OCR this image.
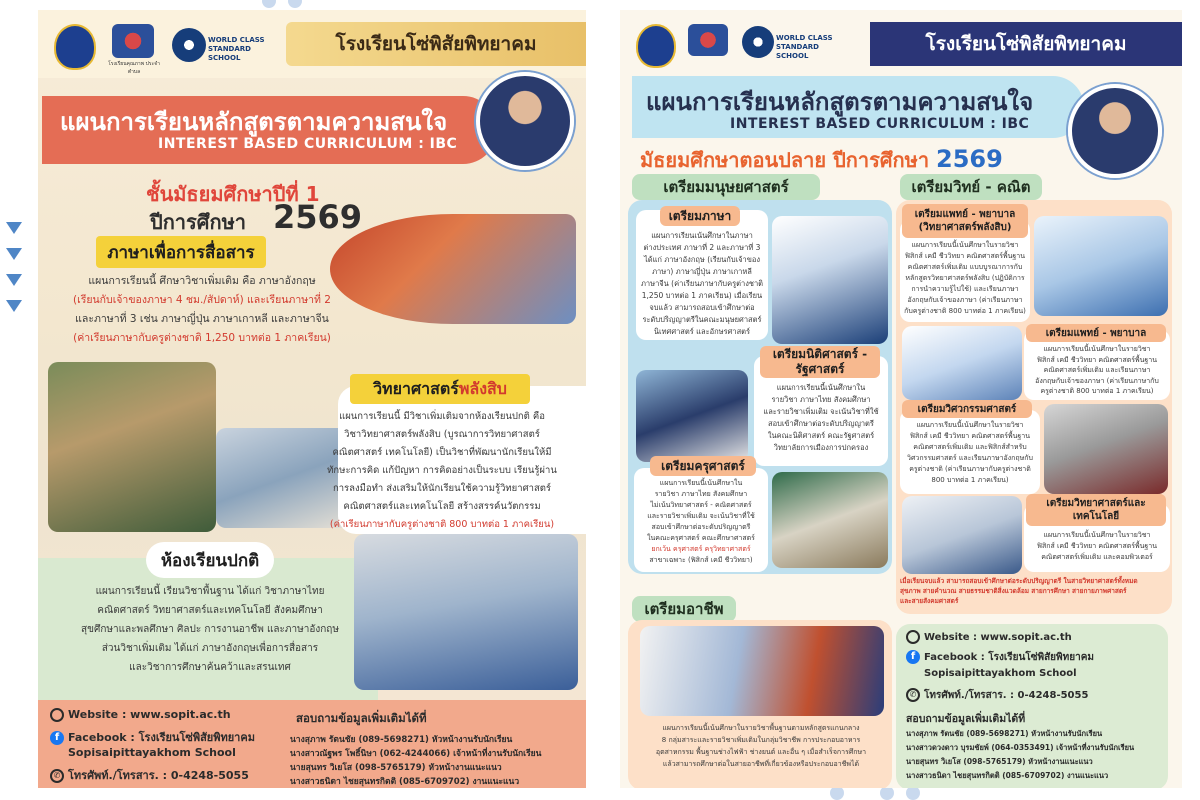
โรงเรียนคุณภาพ ประจำตำบล
WORLD CLASS STANDARD SCHOOL
โรงเรียนโซ่พิสัยพิทยาคม
แผนการเรียนหลักสูตรตามความสนใจ
INTEREST BASED CURRICULUM : IBC
ชั้นมัธยมศึกษาปีที่ 1
ปีการศึกษา 2569
ภาษาเพื่อการสื่อสาร
แผนการเรียนนี้ ศึกษาวิชาเพิ่มเติม คือ ภาษาอังกฤษ
(เรียนกับเจ้าของภาษา 4 ชม./สัปดาห์) และเรียนภาษาที่ 2
และภาษาที่ 3 เช่น ภาษาญี่ปุ่น ภาษาเกาหลี และภาษาจีน
(ค่าเรียนภาษากับครูต่างชาติ 1,250 บาทต่อ 1 ภาคเรียน)
วิทยาศาสตร์ พลังสิบ
แผนการเรียนนี้ มีวิชาเพิ่มเติมจากห้องเรียนปกติ คือ
วิชาวิทยาศาสตร์พลังสิบ (บูรณาการวิทยาศาสตร์
คณิตศาสตร์ เทคโนโลยี) เป็นวิชาที่พัฒนานักเรียนให้มี
ทักษะการคิด แก้ปัญหา การคิดอย่างเป็นระบบ เรียนรู้ผ่าน
การลงมือทำ ส่งเสริมให้นักเรียนใช้ความรู้วิทยาศาสตร์
คณิตศาสตร์และเทคโนโลยี สร้างสรรค์นวัตกรรม
(ค่าเรียนภาษากับครูต่างชาติ 800 บาทต่อ 1 ภาคเรียน)
ห้องเรียนปกติ
แผนการเรียนนี้ เรียนวิชาพื้นฐาน ได้แก่ วิชาภาษาไทย
คณิตศาสตร์ วิทยาศาสตร์และเทคโนโลยี สังคมศึกษา
สุขศึกษาและพลศึกษา ศิลปะ การงานอาชีพ และภาษาอังกฤษ
ส่วนวิชาเพิ่มเติม ได้แก่ ภาษาอังกฤษเพื่อการสื่อสาร
และวิชาการศึกษาค้นคว้าและสรนเทศ
Website : www.sopit.ac.th
f Facebook : โรงเรียนโซ่พิสัยพิทยาคม
Sopisaipittayakhom School
✆ โทรศัพท์./โทรสาร. : 0-4248-5055
สอบถามข้อมูลเพิ่มเติมได้ที่
นางสุภาพ รัตนชัย (089-5698271) หัวหน้างานรับนักเรียน
นางสาวณัฐพร โพธิ์นิษา (062-4244066) เจ้าหน้าที่งานรับนักเรียน
นายสุนทร วิเยโส (098-5765179) หัวหน้างานแนะแนว
นางสาวธนิดา ไชยสุนทรกิตติ (085-6709702) งานแนะแนว
WORLD CLASS STANDARD SCHOOL
โรงเรียนโซ่พิสัยพิทยาคม
แผนการเรียนหลักสูตรตามความสนใจ
INTEREST BASED CURRICULUM : IBC
มัธยมศึกษาตอนปลาย ปีการศึกษา 2569
เตรียมมนุษยศาสตร์
เตรียมภาษา
แผนการเรียนเน้นศึกษาในภาษา
ต่างประเทศ ภาษาที่ 2 และภาษาที่ 3
ได้แก่ ภาษาอังกฤษ (เรียนกับเจ้าของ
ภาษา) ภาษาญี่ปุ่น ภาษาเกาหลี
ภาษาจีน (ค่าเรียนภาษากับครูต่างชาติ
1,250 บาทต่อ 1 ภาคเรียน) เมื่อเรียน
จบแล้ว สามารถสอบเข้าศึกษาต่อ
ระดับปริญญาตรีในคณะมนุษยศาสตร์
นิเทศศาสตร์ และอักษรศาสตร์
เตรียมนิติศาสตร์ - รัฐศาสตร์
แผนการเรียนนี้เน้นศึกษาใน
รายวิชา ภาษาไทย สังคมศึกษา
และรายวิชาเพิ่มเติม จะเน้นวิชาที่ใช้
สอบเข้าศึกษาต่อระดับปริญญาตรี
ในคณะนิติศาสตร์ คณะรัฐศาสตร์
วิทยาลัยการเมืองการปกครอง
เตรียมครุศาสตร์
แผนการเรียนนี้เน้นศึกษาใน
รายวิชา ภาษาไทย สังคมศึกษา
ไม่เน้นวิทยาศาสตร์ - คณิตศาสตร์
และรายวิชาเพิ่มเติม จะเน้นวิชาที่ใช้
สอบเข้าศึกษาต่อระดับปริญญาตรี
ในคณะครุศาสตร์ คณะศึกษาศาสตร์
ยกเว้น ครุศาสตร์ ครุวิทยาศาสตร์
สาขาเฉพาะ (ฟิสิกส์ เคมี ชีววิทยา)
เตรียมวิทย์ - คณิต
เตรียมแพทย์ - พยาบาล (วิทยาศาสตร์พลังสิบ)
แผนการเรียนนี้เน้นศึกษาในรายวิชา
ฟิสิกส์ เคมี ชีววิทยา คณิตศาสตร์พื้นฐาน
คณิตศาสตร์เพิ่มเติม แบบบูรณาการกับ
หลักสูตรวิทยาศาสตร์พลังสิบ (ปฏิบัติการ
การนำความรู้ไปใช้) และเรียนภาษา
อังกฤษกับเจ้าของภาษา (ค่าเรียนภาษา
กับครูต่างชาติ 800 บาทต่อ 1 ภาคเรียน)
เตรียมแพทย์ - พยาบาล
แผนการเรียนนี้เน้นศึกษาในรายวิชา
ฟิสิกส์ เคมี ชีววิทยา คณิตศาสตร์พื้นฐาน
คณิตศาสตร์เพิ่มเติม และเรียนภาษา
อังกฤษกับเจ้าของภาษา (ค่าเรียนภาษากับ
ครูต่างชาติ 800 บาทต่อ 1 ภาคเรียน)
เตรียมวิศวกรรมศาสตร์
แผนการเรียนนี้เน้นศึกษาในรายวิชา
ฟิสิกส์ เคมี ชีววิทยา คณิตศาสตร์พื้นฐาน
คณิตศาสตร์เพิ่มเติม และฟิสิกส์สำหรับ
วิศวกรรมศาสตร์ และเรียนภาษาอังกฤษกับ
ครูต่างชาติ (ค่าเรียนภาษากับครูต่างชาติ
800 บาทต่อ 1 ภาคเรียน)
เตรียมวิทยาศาสตร์และเทคโนโลยี
แผนการเรียนนี้เน้นศึกษาในรายวิชา
ฟิสิกส์ เคมี ชีววิทยา คณิตศาสตร์พื้นฐาน
คณิตศาสตร์เพิ่มเติม และคอมพิวเตอร์
เมื่อเรียนจบแล้ว สามารถสอบเข้าศึกษาต่อระดับปริญญาตรี ในสายวิทยาศาสตร์ทั้งหมด
สุขภาพ สายคำนวณ สายธรรมชาติสิ่งแวดล้อม สายการศึกษา สายกายภาพศาสตร์
และสายสังคมศาสตร์
เตรียมอาชีพ
แผนการเรียนนี้เน้นศึกษาในรายวิชาพื้นฐานตามหลักสูตรแกนกลาง
8 กลุ่มสาระและรายวิชาเพิ่มเติมในกลุ่มวิชาชีพ การประกอบอาหาร
อุตสาหกรรม พื้นฐานช่างไฟฟ้า ช่างยนต์ และอื่น ๆ เมื่อสำเร็จการศึกษา
แล้วสามารถศึกษาต่อในสายอาชีพที่เกี่ยวข้องหรือประกอบอาชีพได้
Website : www.sopit.ac.th
f Facebook : โรงเรียนโซ่พิสัยพิทยาคม
Sopisaipittayakhom School
✆ โทรศัพท์./โทรสาร. : 0-4248-5055
สอบถามข้อมูลเพิ่มเติมได้ที่
นางสุภาพ รัตนชัย (089-5698271) หัวหน้างานรับนักเรียน
นางสาวดวงดาว บุรมชัยพ์ (064-0353491) เจ้าหน้าที่งานรับนักเรียน
นายสุนทร วิเยโส (098-5765179) หัวหน้างานแนะแนว
นางสาวธนิดา ไชยสุนทรกิตติ (085-6709702) งานแนะแนว
